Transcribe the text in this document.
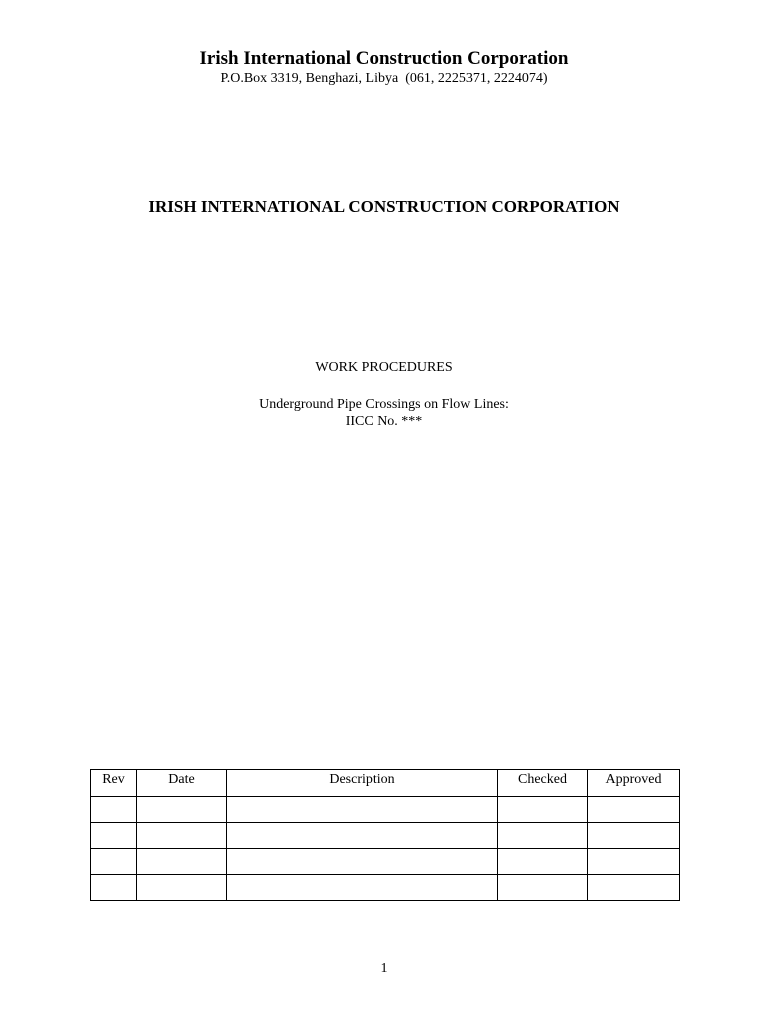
Irish International Construction Corporation
P.O.Box 3319, Benghazi, Libya  (061, 2225371, 2224074)
IRISH INTERNATIONAL CONSTRUCTION CORPORATION
WORK PROCEDURES
Underground Pipe Crossings on Flow Lines:
IICC No. ***
Rev	Date	Description	Checked	Approved

1
